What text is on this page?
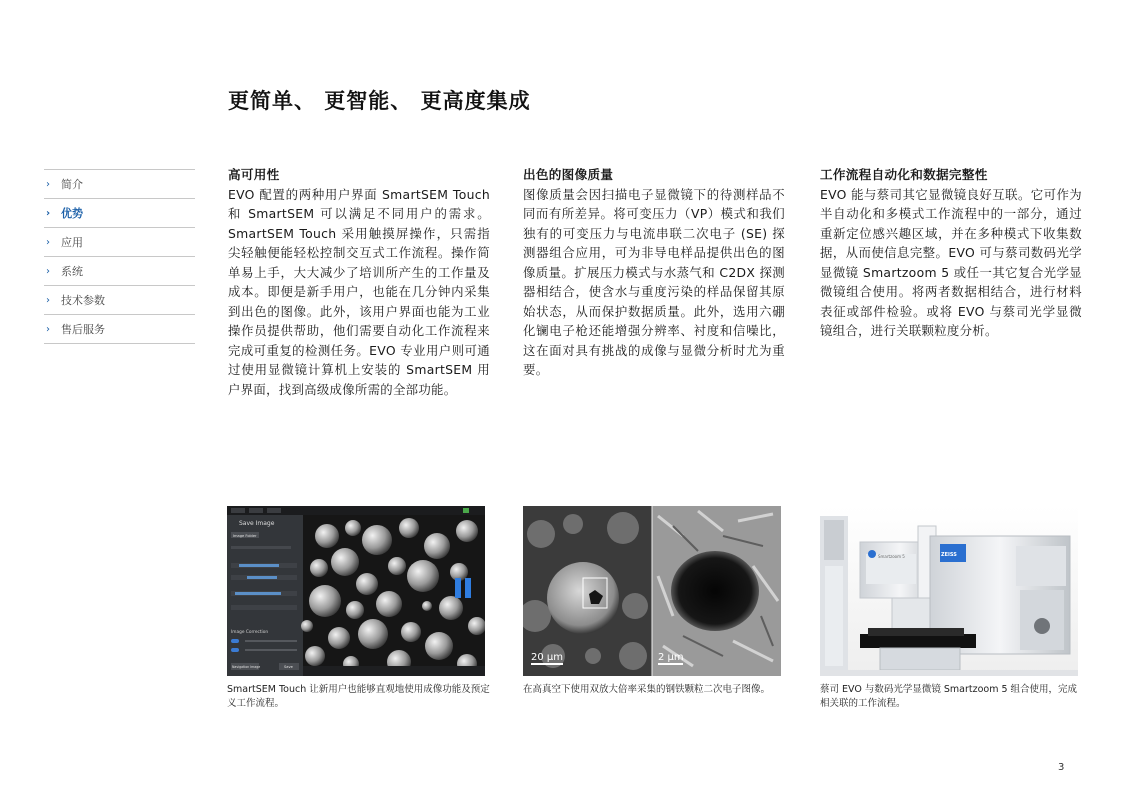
更简单、 更智能、 更高度集成
›	简介
› 优势
›	应用
›	系统
›	技术参数
›	售后服务
高可用性

EVO 配置的两种用户界面 SmartSEM Touch 和 SmartSEM 可以满足不同用户的需求。SmartSEM Touch 采用触摸屏操作，只需指尖轻触便能轻松控制交互式工作流程。操作简单易上手，大大减少了培训所产生的工作量及成本。即便是新手用户，也能在几分钟内采集到出色的图像。此外，该用户界面也能为工业操作员提供帮助，他们需要自动化工作流程来完成可重复的检测任务。EVO 专业用户则可通过使用显微镜计算机上安装的 SmartSEM 用户界面，找到高级成像所需的全部功能。

出色的图像质量

图像质量会因扫描电子显微镜下的待测样品不同而有所差异。将可变压力（VP）模式和我们独有的可变压力与电流串联二次电子 (SE) 探测器组合应用，可为非导电样品提供出色的图像质量。扩展压力模式与水蒸气和 C2DX 探测器相结合，使含水与重度污染的样品保留其原始状态，从而保护数据质量。此外，选用六硼化镧电子枪还能增强分辨率、衬度和信噪比，这在面对具有挑战的成像与显微分析时尤为重要。

工作流程自动化和数据完整性

EVO 能与蔡司其它显微镜良好互联。它可作为半自动化和多模式工作流程中的一部分，通过重新定位感兴趣区域，并在多种模式下收集数据，从而使信息完整。EVO 可与蔡司数码光学显微镜 Smartzoom 5 或任一其它复合光学显微镜组合使用。将两者数据相结合，进行材料表征或部件检验。或将 EVO 与蔡司光学显微镜组合，进行关联颗粒度分析。

Save Image
Image Folder
Image Correction
Navigation Image	Save
20 μm	2 μm
Smartzoom 5	ZEISS
SmartSEM Touch 让新用户也能够直观地使用成像功能及预定义工作流程。
在高真空下使用双放大倍率采集的钢铁颗粒二次电子图像。	蔡司 EVO 与数码光学显微镜 Smartzoom 5 组合使用，完成相关联的工作流程。
3
